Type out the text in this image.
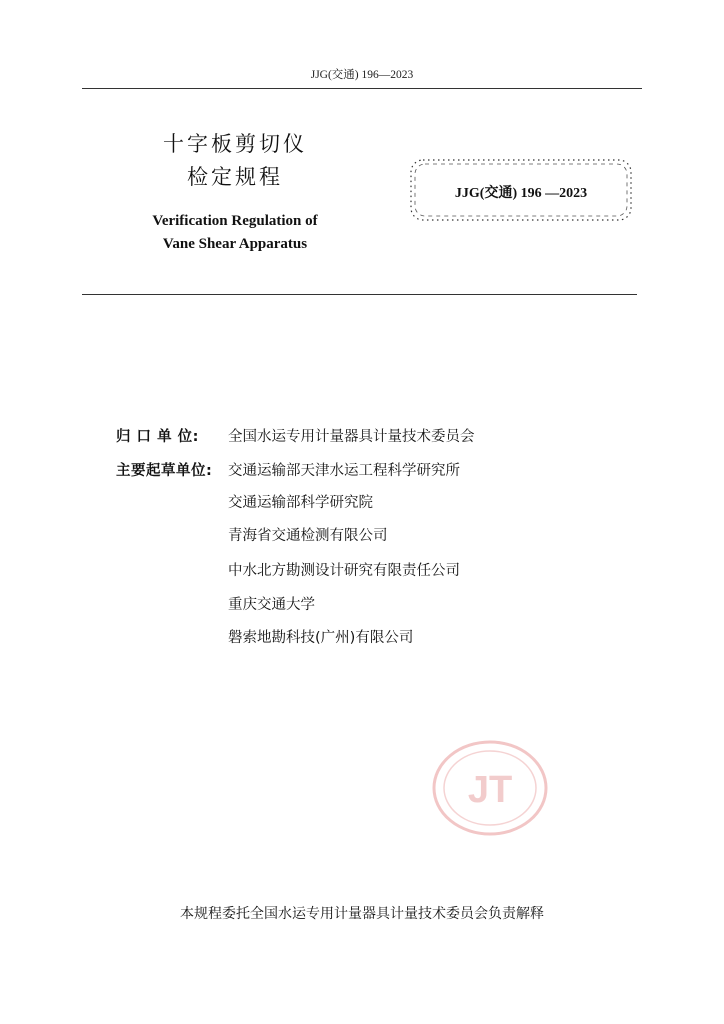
JJG(交通) 196—2023
十字板剪切仪
检定规程
Verification Regulation of
Vane Shear Apparatus
JJG(交通) 196 —2023
归 口 单 位: 全国水运专用计量器具计量技术委员会
主要起草单位: 交通运输部天津水运工程科学研究所
交通运输部科学研究院
青海省交通检测有限公司
中水北方勘测设计研究有限责任公司
重庆交通大学
磐索地勘科技(广州)有限公司
JT
本规程委托全国水运专用计量器具计量技术委员会负责解释
